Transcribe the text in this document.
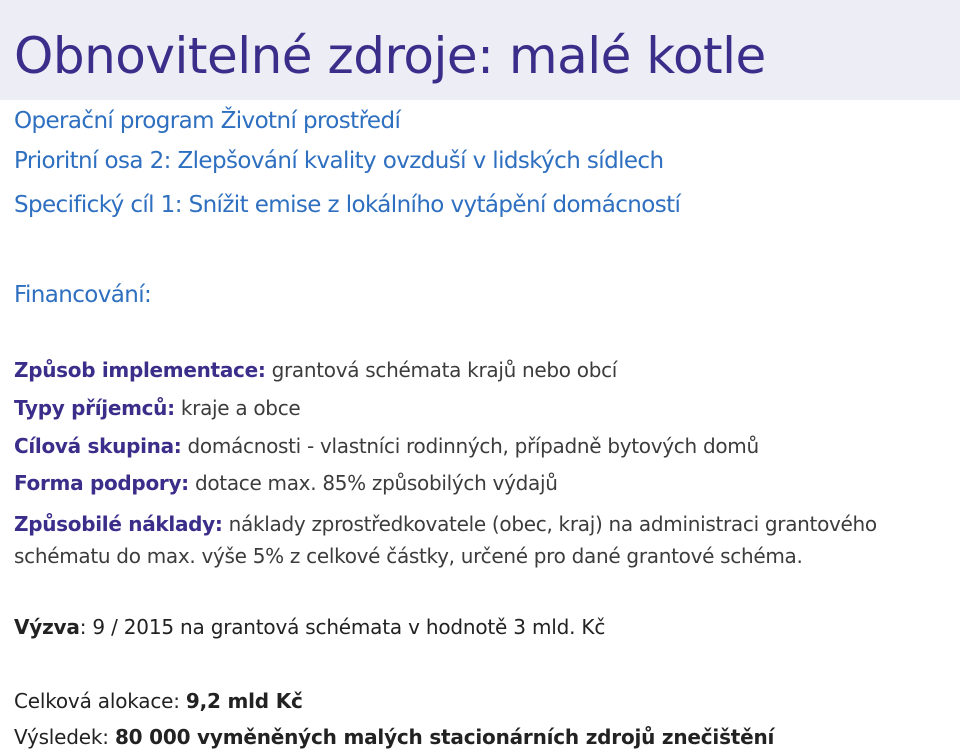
Obnovitelné zdroje: malé kotle
Operační program Životní prostředí
Prioritní osa 2: Zlepšování kvality ovzduší v lidských sídlech
Specifický cíl 1: Snížit emise z lokálního vytápění domácností
Financování:
Způsob implementace: grantová schémata krajů nebo obcí
Typy příjemců: kraje a obce
Cílová skupina: domácnosti - vlastníci rodinných, případně bytových domů
Forma podpory: dotace max. 85% způsobilých výdajů
Způsobilé náklady: náklady zprostředkovatele (obec, kraj) na administraci grantového schématu do max. výše 5% z celkové částky, určené pro dané grantové schéma.
Výzva: 9 / 2015 na grantová schémata v hodnotě 3 mld. Kč
Celková alokace: 9,2 mld Kč
Výsledek: 80 000 vyměněných malých stacionárních zdrojů znečištění
